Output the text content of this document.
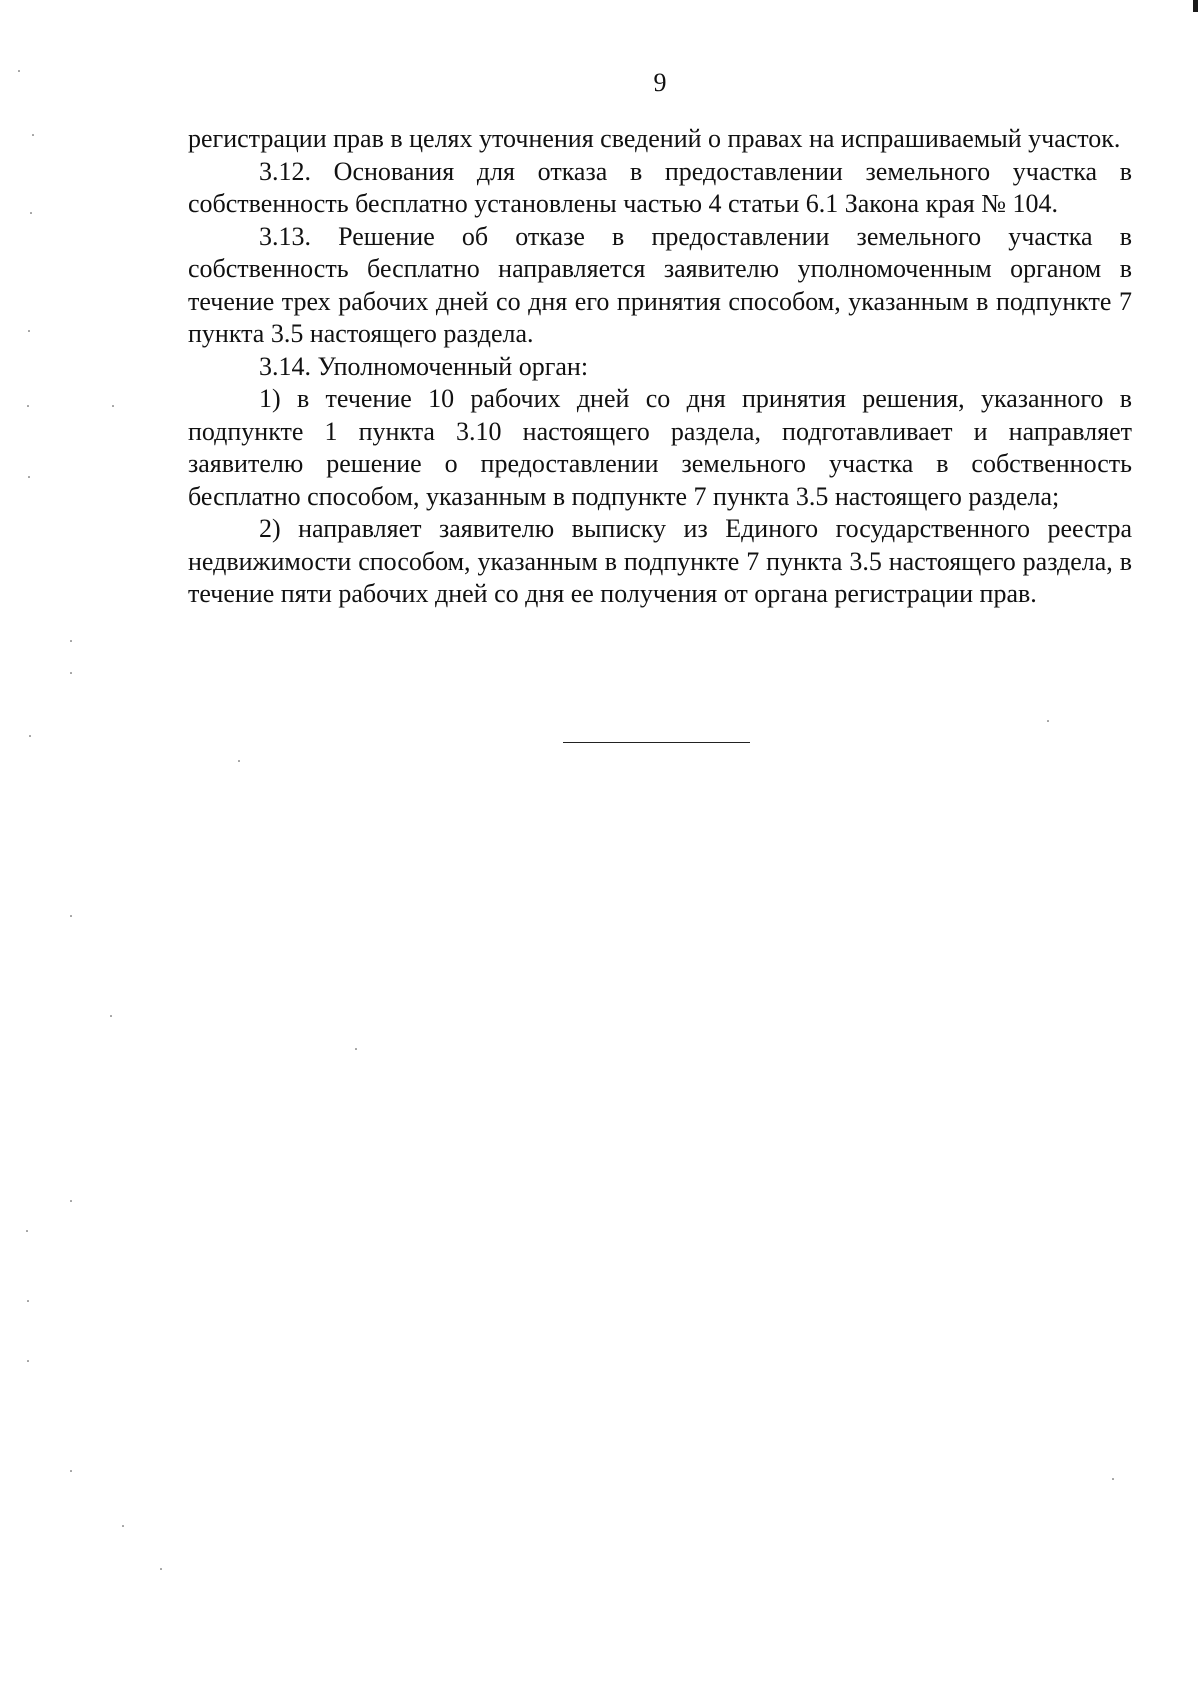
9

регистрации прав в целях уточнения сведений о правах на испрашиваемый участок.

3.12. Основания для отказа в предоставлении земельного участка в собственность бесплатно установлены частью 4 статьи 6.1 Закона края № 104.

3.13. Решение об отказе в предоставлении земельного участка в собственность бесплатно направляется заявителю уполномоченным органом в течение трех рабочих дней со дня его принятия способом, указанным в подпункте 7 пункта 3.5 настоящего раздела.

3.14. Уполномоченный орган:

1) в течение 10 рабочих дней со дня принятия решения, указанного в подпункте 1 пункта 3.10 настоящего раздела, подготавливает и направляет заявителю решение о предоставлении земельного участка в собственность бесплатно способом, указанным в подпункте 7 пункта 3.5 настоящего раздела;

2) направляет заявителю выписку из Единого государственного реестра недвижимости способом, указанным в подпункте 7 пункта 3.5 настоящего раздела, в течение пяти рабочих дней со дня ее получения от органа регистрации прав.
